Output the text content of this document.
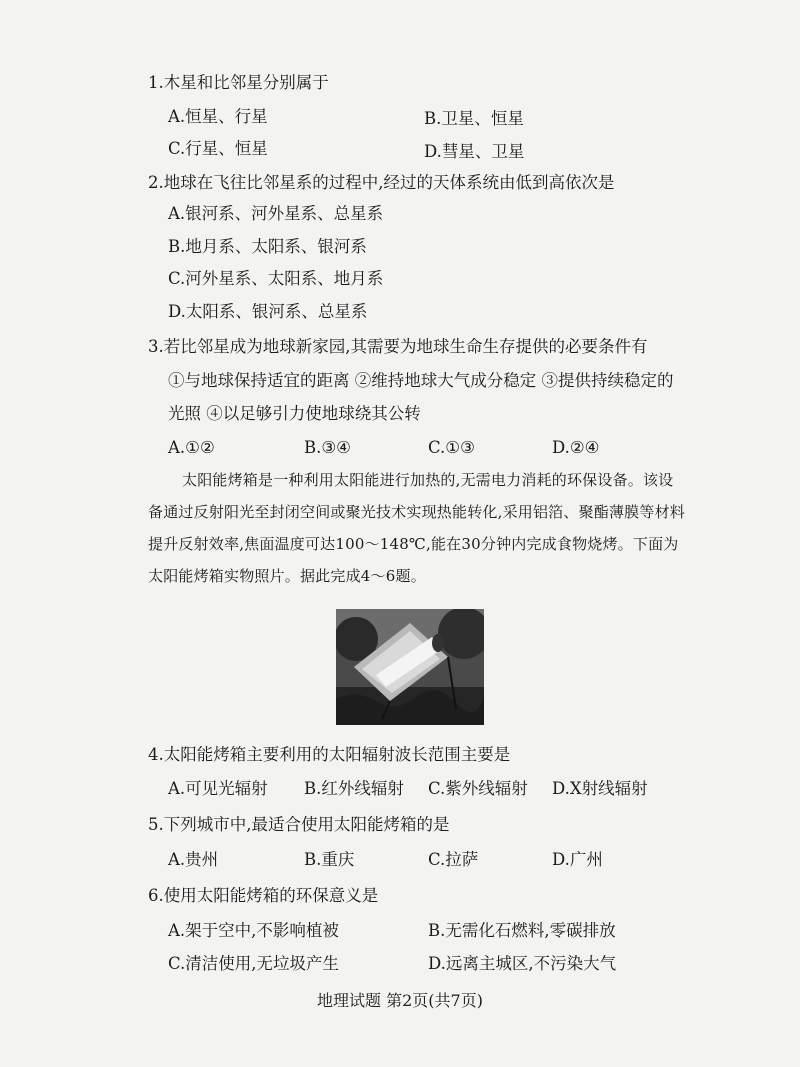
1.木星和比邻星分别属于
A.恒星、行星	B.卫星、恒星
C.行星、恒星	D.彗星、卫星
2.地球在飞往比邻星系的过程中,经过的天体系统由低到高依次是
A.银河系、河外星系、总星系
B.地月系、太阳系、银河系
C.河外星系、太阳系、地月系
D.太阳系、银河系、总星系
3.若比邻星成为地球新家园,其需要为地球生命生存提供的必要条件有
①与地球保持适宜的距离 ②维持地球大气成分稳定 ③提供持续稳定的
光照 ④以足够引力使地球绕其公转
A.①②	B.③④	C.①③	D.②④
太阳能烤箱是一种利用太阳能进行加热的,无需电力消耗的环保设备。该设备通过反射阳光至封闭空间或聚光技术实现热能转化,采用铝箔、聚酯薄膜等材料提升反射效率,焦面温度可达100～148℃,能在30分钟内完成食物烧烤。下面为太阳能烤箱实物照片。据此完成4～6题。
4.太阳能烤箱主要利用的太阳辐射波长范围主要是
A.可见光辐射 B.红外线辐射 C.紫外线辐射 D.X射线辐射
5.下列城市中,最适合使用太阳能烤箱的是
A.贵州	B.重庆	C.拉萨	D.广州
6.使用太阳能烤箱的环保意义是
A.架于空中,不影响植被	B.无需化石燃料,零碳排放
C.清洁使用,无垃圾产生	D.远离主城区,不污染大气
地理试题 第2页(共7页)
